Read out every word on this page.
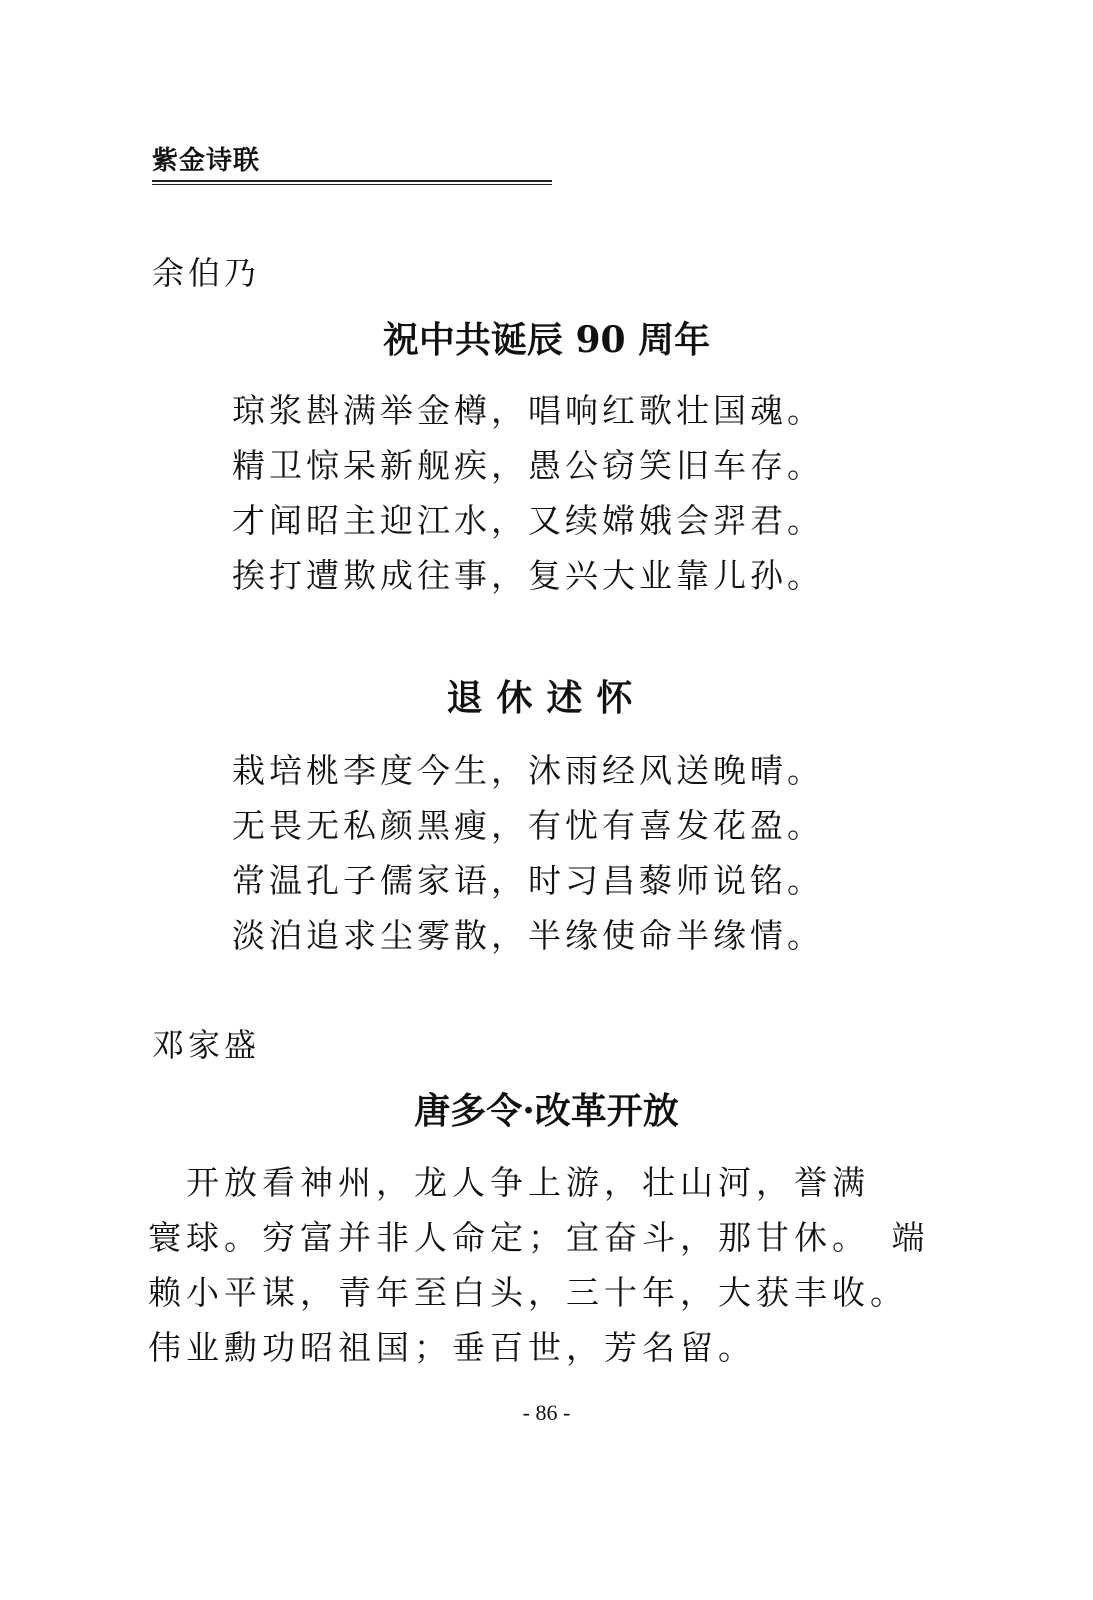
紫金诗联
余伯乃
祝中共诞辰 90 周年
琼浆斟满举金樽，唱响红歌壮国魂。
精卫惊呆新舰疾，愚公窃笑旧车存。
才闻昭主迎江水，又续嫦娥会羿君。
挨打遭欺成往事，复兴大业靠儿孙。
退休述怀
栽培桃李度今生，沐雨经风送晚晴。
无畏无私颜黑瘦，有忧有喜发花盈。
常温孔子儒家语，时习昌藜师说铭。
淡泊追求尘雾散，半缘使命半缘情。
邓家盛
唐多令·改革开放
　开放看神州，龙人争上游，壮山河，誉满
寰球。穷富并非人命定；宜奋斗，那甘休。　端
赖小平谋，青年至白头，三十年，大获丰收。
伟业勳功昭祖国；垂百世，芳名留。
- 86 -
